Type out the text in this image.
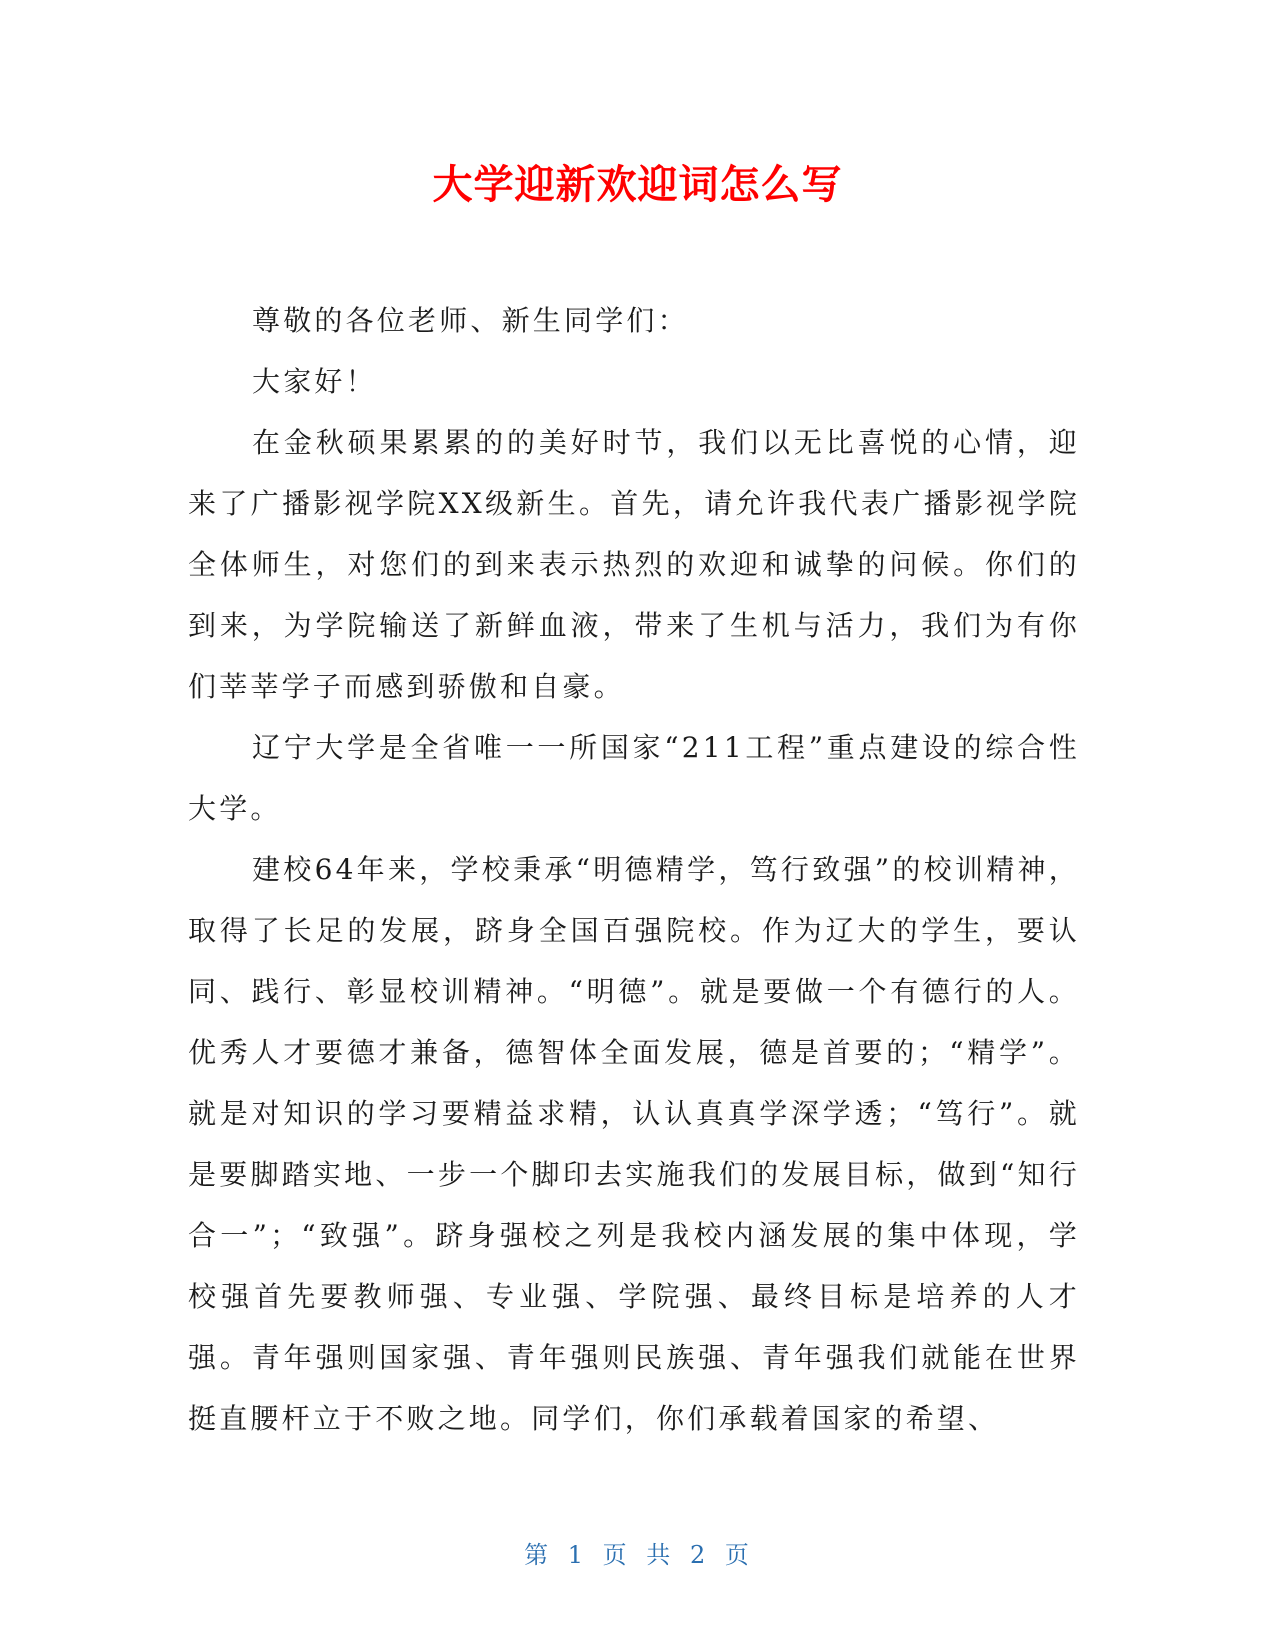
大学迎新欢迎词怎么写

尊敬的各位老师、新生同学们：

大家好！

在金秋硕果累累的的美好时节，我们以无比喜悦的心情，迎来了广播影视学院XX级新生。首先，请允许我代表广播影视学院全体师生，对您们的到来表示热烈的欢迎和诚挚的问候。你们的到来，为学院输送了新鲜血液，带来了生机与活力，我们为有你们莘莘学子而感到骄傲和自豪。

辽宁大学是全省唯一一所国家“211工程”重点建设的综合性大学。

建校64年来，学校秉承“明德精学，笃行致强”的校训精神，取得了长足的发展，跻身全国百强院校。作为辽大的学生，要认同、践行、彰显校训精神。“明德”。就是要做一个有德行的人。优秀人才要德才兼备，德智体全面发展，德是首要的；“精学”。就是对知识的学习要精益求精，认认真真学深学透；“笃行”。就是要脚踏实地、一步一个脚印去实施我们的发展目标，做到“知行合一”；“致强”。跻身强校之列是我校内涵发展的集中体现，学校强首先要教师强、专业强、学院强、最终目标是培养的人才强。青年强则国家强、青年强则民族强、青年强我们就能在世界挺直腰杆立于不败之地。同学们，你们承载着国家的希望、

第 1 页 共 2 页
